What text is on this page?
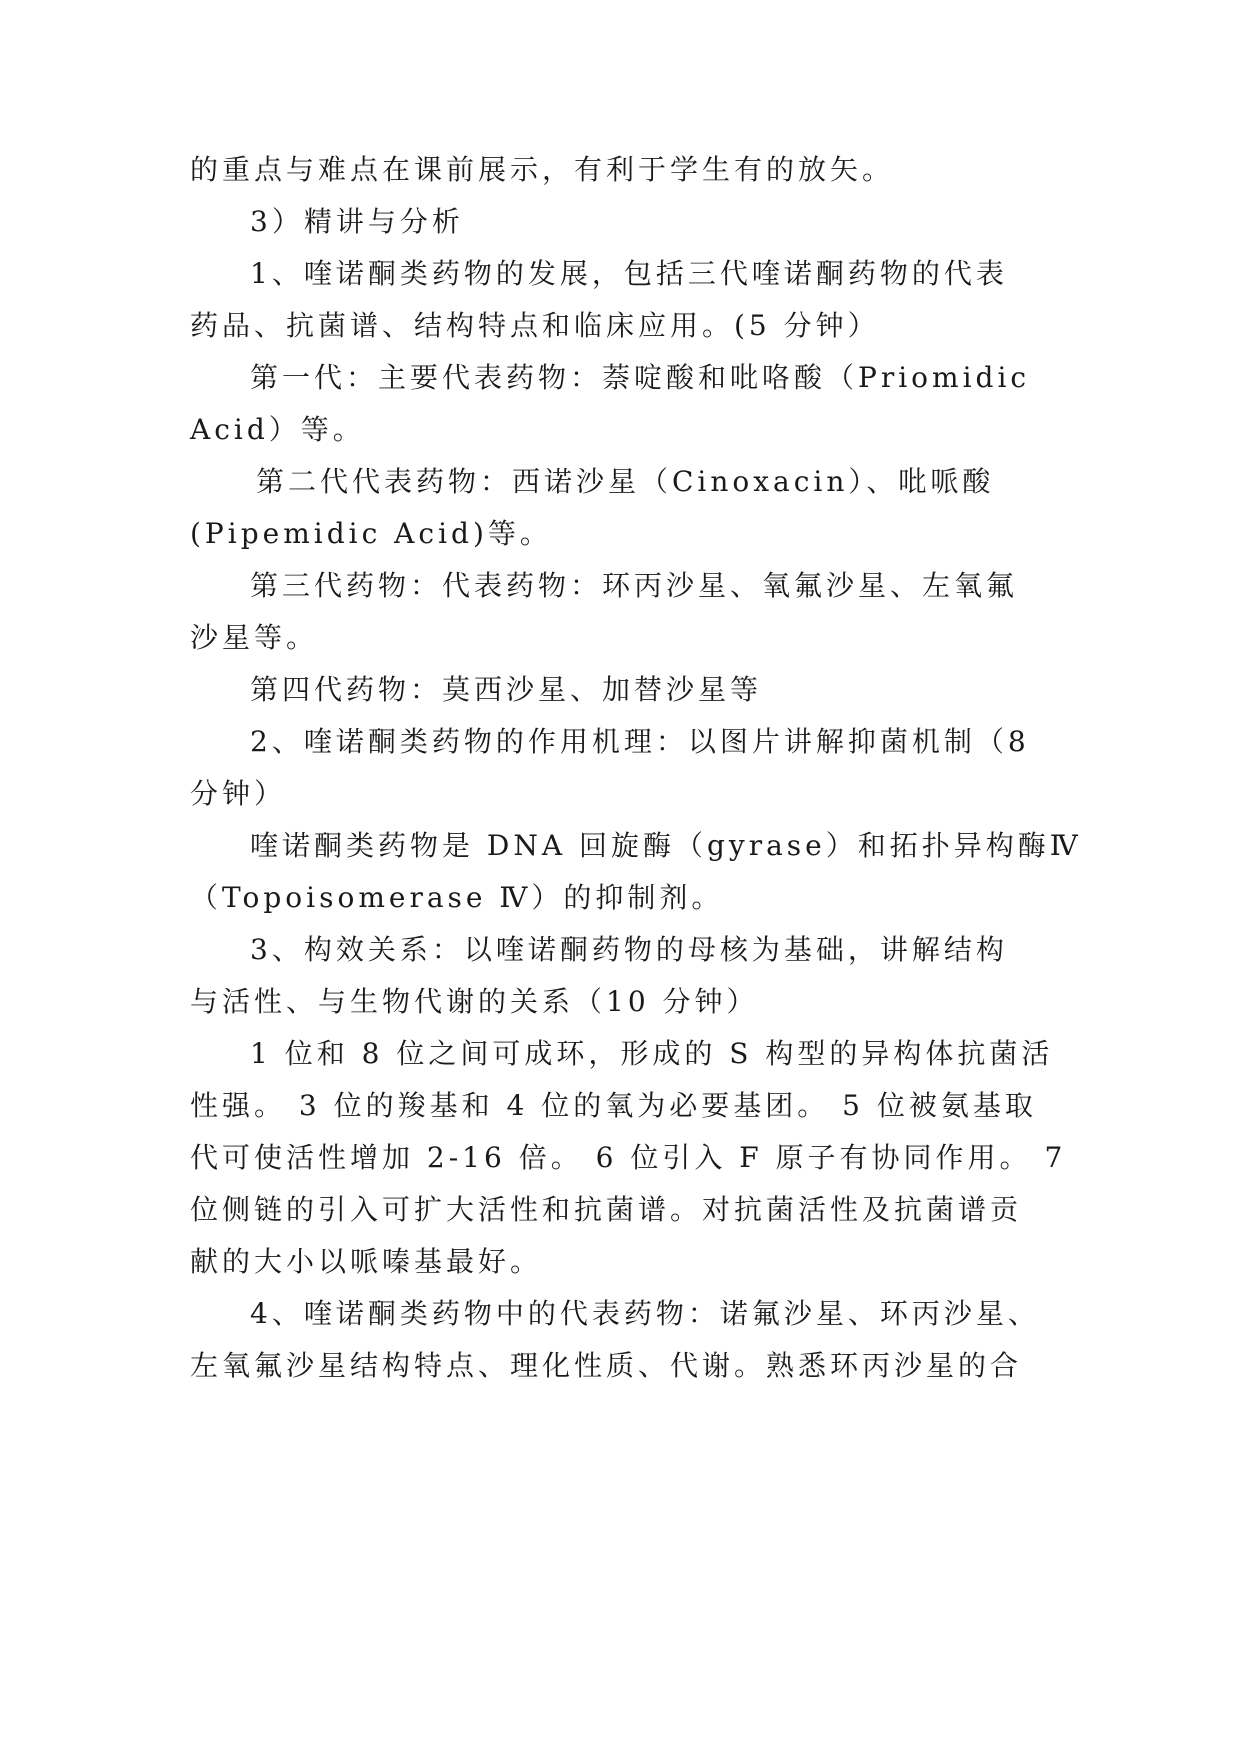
的重点与难点在课前展示，有利于学生有的放矢。
3）精讲与分析
1、喹诺酮类药物的发展，包括三代喹诺酮药物的代表
药品、抗菌谱、结构特点和临床应用。(5 分钟）
第一代：主要代表药物：萘啶酸和吡咯酸（Priomidic
Acid）等。
第二代代表药物：西诺沙星（Cinoxacin）、吡哌酸
(Pipemidic Acid)等。
第三代药物：代表药物：环丙沙星、氧氟沙星、左氧氟
沙星等。
第四代药物：莫西沙星、加替沙星等
2、喹诺酮类药物的作用机理：以图片讲解抑菌机制（8
分钟）
喹诺酮类药物是 DNA 回旋酶（gyrase）和拓扑异构酶Ⅳ
（Topoisomerase Ⅳ）的抑制剂。
3、构效关系：以喹诺酮药物的母核为基础，讲解结构
与活性、与生物代谢的关系（10 分钟）
1 位和 8 位之间可成环，形成的 S 构型的异构体抗菌活
性强。 3 位的羧基和 4 位的氧为必要基团。 5 位被氨基取
代可使活性增加 2-16 倍。 6 位引入 F 原子有协同作用。 7
位侧链的引入可扩大活性和抗菌谱。对抗菌活性及抗菌谱贡
献的大小以哌嗪基最好。
4、喹诺酮类药物中的代表药物：诺氟沙星、环丙沙星、
左氧氟沙星结构特点、理化性质、代谢。熟悉环丙沙星的合
